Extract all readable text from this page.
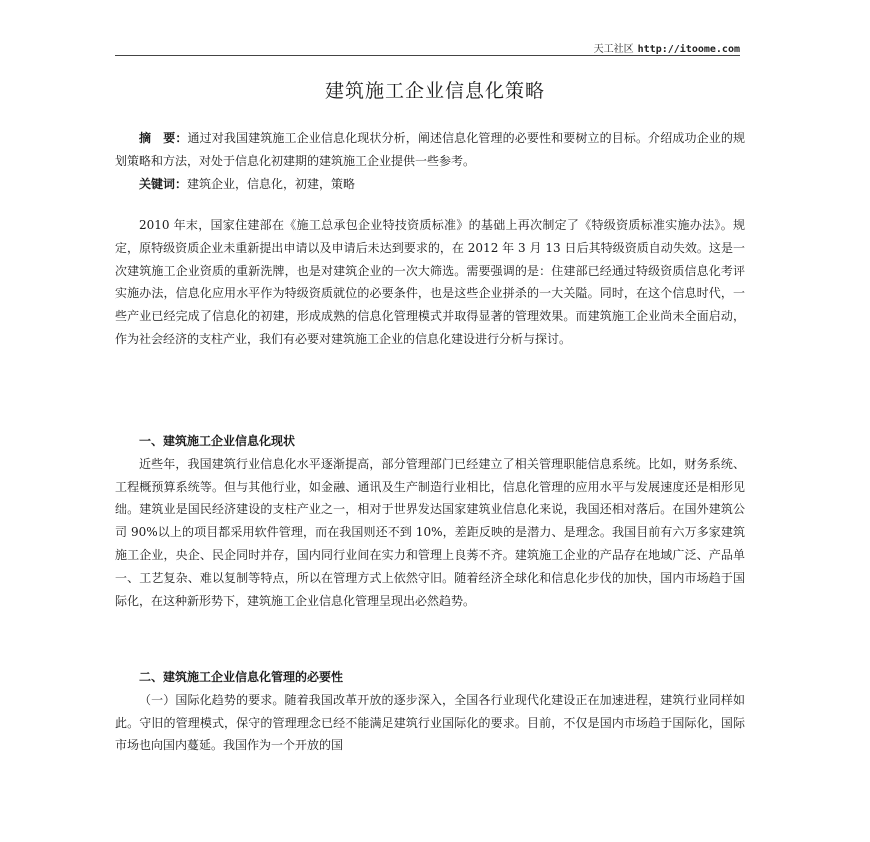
天工社区 http://itoome.com
建筑施工企业信息化策略

摘　要：通过对我国建筑施工企业信息化现状分析，阐述信息化管理的必要性和要树立的目标。介绍成功企业的规划策略和方法，对处于信息化初建期的建筑施工企业提供一些参考。

关键词：建筑企业，信息化，初建，策略

2010 年末，国家住建部在《施工总承包企业特技资质标准》的基础上再次制定了《特级资质标准实施办法》。规定，原特级资质企业未重新提出申请以及申请后未达到要求的，在 2012 年 3 月 13 日后其特级资质自动失效。这是一次建筑施工企业资质的重新洗牌，也是对建筑企业的一次大筛选。需要强调的是：住建部已经通过特级资质信息化考评实施办法，信息化应用水平作为特级资质就位的必要条件，也是这些企业拼杀的一大关隘。同时，在这个信息时代，一些产业已经完成了信息化的初建，形成成熟的信息化管理模式并取得显著的管理效果。而建筑施工企业尚未全面启动，作为社会经济的支柱产业，我们有必要对建筑施工企业的信息化建设进行分析与探讨。

一、建筑施工企业信息化现状

近些年，我国建筑行业信息化水平逐渐提高，部分管理部门已经建立了相关管理职能信息系统。比如，财务系统、工程概预算系统等。但与其他行业，如金融、通讯及生产制造行业相比，信息化管理的应用水平与发展速度还是相形见绌。建筑业是国民经济建设的支柱产业之一，相对于世界发达国家建筑业信息化来说，我国还相对落后。在国外建筑公司 90%以上的项目都采用软件管理，而在我国则还不到 10%，差距反映的是潜力、是理念。我国目前有六万多家建筑施工企业，央企、民企同时并存，国内同行业间在实力和管理上良莠不齐。建筑施工企业的产品存在地域广泛、产品单一、工艺复杂、难以复制等特点，所以在管理方式上依然守旧。随着经济全球化和信息化步伐的加快，国内市场趋于国际化，在这种新形势下，建筑施工企业信息化管理呈现出必然趋势。

二、建筑施工企业信息化管理的必要性

（一）国际化趋势的要求。随着我国改革开放的逐步深入，全国各行业现代化建设正在加速进程，建筑行业同样如此。守旧的管理模式，保守的管理理念已经不能满足建筑行业国际化的要求。目前，不仅是国内市场趋于国际化，国际市场也向国内蔓延。我国作为一个开放的国
